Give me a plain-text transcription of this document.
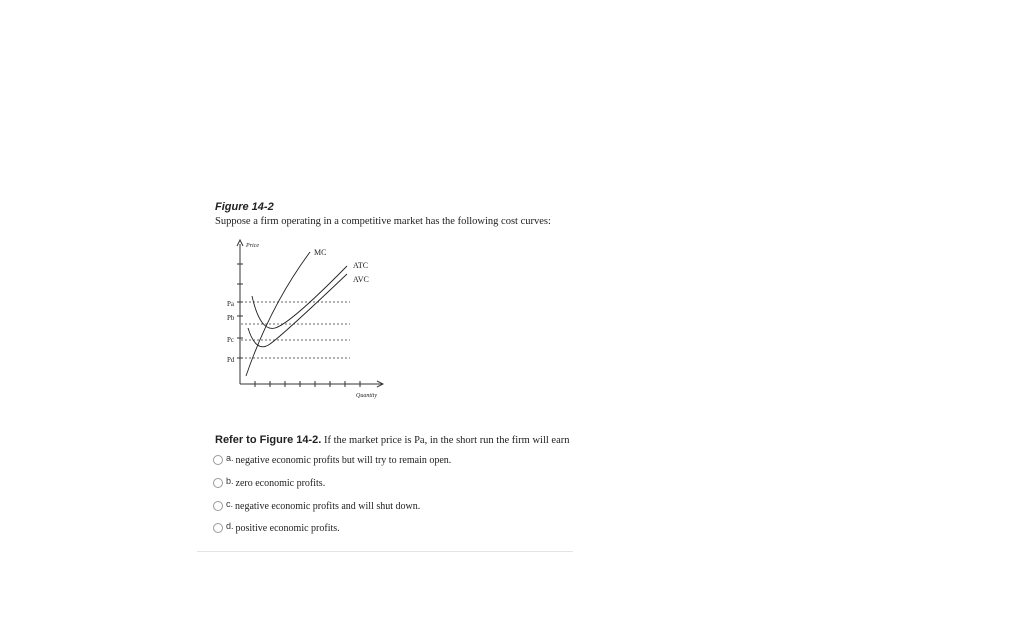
Figure 14-2
Suppose a firm operating in a competitive market has the following cost curves:
Price
Quantity
Pa
Pb
Pc
Pd
MC
ATC
AVC
Refer to Figure 14-2. If the market price is Pa, in the short run the firm will earn
a. negative economic profits but will try to remain open.
b. zero economic profits.
c. negative economic profits and will shut down.
d. positive economic profits.
